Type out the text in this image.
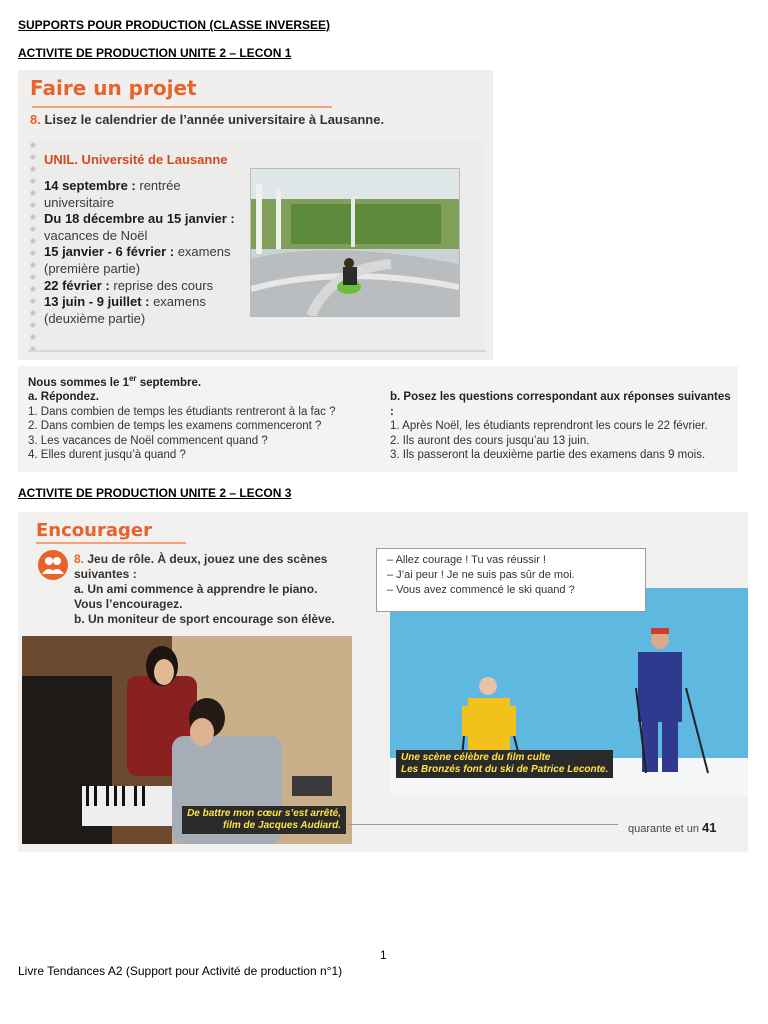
SUPPORTS POUR PRODUCTION (CLASSE INVERSEE)
ACTIVITE DE PRODUCTION UNITE 2 – LECON 1
Faire un projet
8. Lisez le calendrier de l’année universitaire à Lausanne.
UNIL. Université de Lausanne
14 septembre : rentrée universitaire
Du 18 décembre au 15 janvier : vacances de Noël
15 janvier - 6 février : examens (première partie)
22 février : reprise des cours
13 juin - 9 juillet : examens (deuxième partie)
Nous sommes le 1er septembre.
a. Répondez.
1. Dans combien de temps les étudiants rentreront à la fac ?
2. Dans combien de temps les examens commenceront ?
3. Les vacances de Noël commencent quand ?
4. Elles durent jusqu’à quand ?
b. Posez les questions correspondant aux réponses suivantes :
1. Après Noël, les étudiants reprendront les cours le 22 février.
2. Ils auront des cours jusqu’au 13 juin.
3. Ils passeront la deuxième partie des examens dans 9 mois.
ACTIVITE DE PRODUCTION UNITE 2 – LECON 3
Encourager
8. Jeu de rôle. À deux, jouez une des scènes suivantes :
a. Un ami commence à apprendre le piano. Vous l’encouragez.
b. Un moniteur de sport encourage son élève.
De battre mon cœur s’est arrêté,
film de Jacques Audiard.
Une scène célèbre du film culte
Les Bronzés font du ski de Patrice Leconte.
– Allez courage ! Tu vas réussir !
– J’ai peur ! Je ne suis pas sûr de moi.
– Vous avez commencé le ski quand ?
quarante et un 41
1
Livre Tendances A2 (Support pour Activité de production n°1)
